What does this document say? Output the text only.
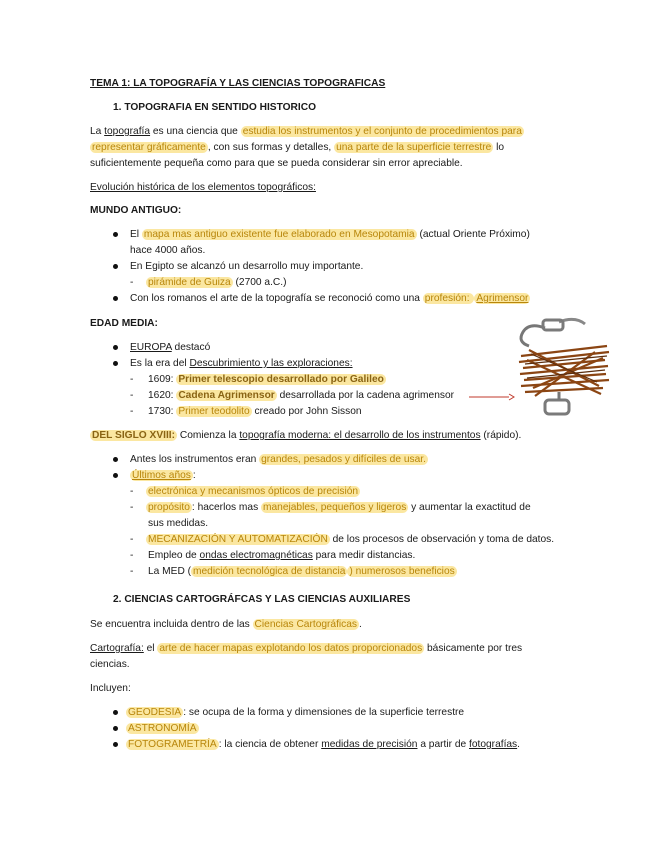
TEMA 1: LA TOPOGRAFÍA Y LAS CIENCIAS TOPOGRAFICAS
1. TOPOGRAFIA EN SENTIDO HISTORICO
La topografía es una ciencia que estudia los instrumentos y el conjunto de procedimientos para
representar gráficamente , con sus formas y detalles, una parte de la superficie terrestre lo
suficientemente pequeña como para que se pueda considerar sin error apreciable.
Evolución histórica de los elementos topográficos:
MUNDO ANTIGUO:
El mapa mas antiguo existente fue elaborado en Mesopotamia (actual Oriente Próximo)
hace 4000 años.
En Egipto se alcanzó un desarrollo muy importante.
- pirámide de Guiza (2700 a.C.)
Con los romanos el arte de la topografía se reconoció como una profesión: Agrimensor
EDAD MEDIA:
EUROPA destacó
Es la era del Descubrimiento y las exploraciones:
- 1609: Primer telescopio desarrollado por Galileo
- 1620: Cadena Agrimensor desarrollada por la cadena agrimensor
- 1730: Primer teodolito creado por John Sisson
DEL SIGLO XVIII: Comienza la topografía moderna: el desarrollo de los instrumentos (rápido).
Antes los instrumentos eran grandes, pesados y difíciles de usar.
Últimos años :
- electrónica y mecanismos ópticos de precisión
- propósito : hacerlos mas manejables, pequeños y ligeros y aumentar la exactitud de
sus medidas.
- MECANIZACIÓN Y AUTOMATIZACIÓN de los procesos de observación y toma de datos.
- Empleo de ondas electromagnéticas para medir distancias.
- La MED ( medición tecnológica de distancia ) numerosos beneficios
2. CIENCIAS CARTOGRÁFCAS Y LAS CIENCIAS AUXILIARES
Se encuentra incluida dentro de las Ciencias Cartográficas .
Cartografía: el arte de hacer mapas explotando los datos proporcionados básicamente por tres
ciencias.
Incluyen:
GEODESIA : se ocupa de la forma y dimensiones de la superficie terrestre
ASTRONOMÍA
FOTOGRAMETRÍA : la ciencia de obtener medidas de precisión a partir de fotografías.
